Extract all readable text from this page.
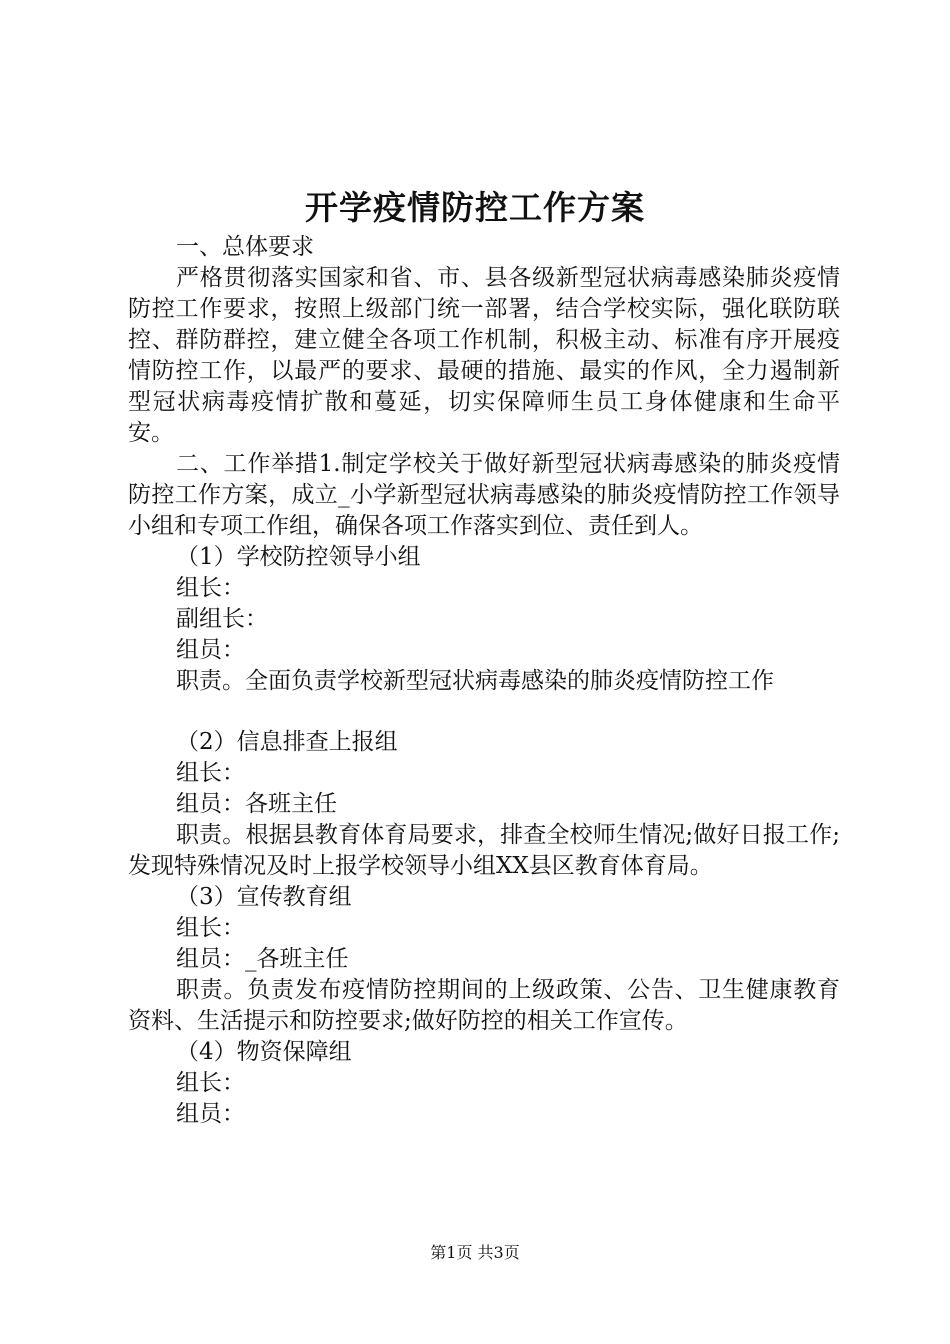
开学疫情防控工作方案

一、总体要求

严格贯彻落实国家和省、市、县各级新型冠状病毒感染肺炎疫情防控工作要求，按照上级部门统一部署，结合学校实际，强化联防联控、群防群控，建立健全各项工作机制，积极主动、标准有序开展疫情防控工作，以最严的要求、最硬的措施、最实的作风，全力遏制新型冠状病毒疫情扩散和蔓延，切实保障师生员工身体健康和生命平安。

二、工作举措1.制定学校关于做好新型冠状病毒感染的肺炎疫情防控工作方案，成立_小学新型冠状病毒感染的肺炎疫情防控工作领导小组和专项工作组，确保各项工作落实到位、责任到人。

（1）学校防控领导小组

组长：

副组长：

组员：

职责。全面负责学校新型冠状病毒感染的肺炎疫情防控工作

（2）信息排查上报组

组长：

组员：各班主任

职责。根据县教育体育局要求，排查全校师生情况;做好日报工作;发现特殊情况及时上报学校领导小组XX县区教育体育局。

（3）宣传教育组

组长：

组员：_各班主任

职责。负责发布疫情防控期间的上级政策、公告、卫生健康教育资料、生活提示和防控要求;做好防控的相关工作宣传。

（4）物资保障组

组长：

组员：

第1页 共3页
